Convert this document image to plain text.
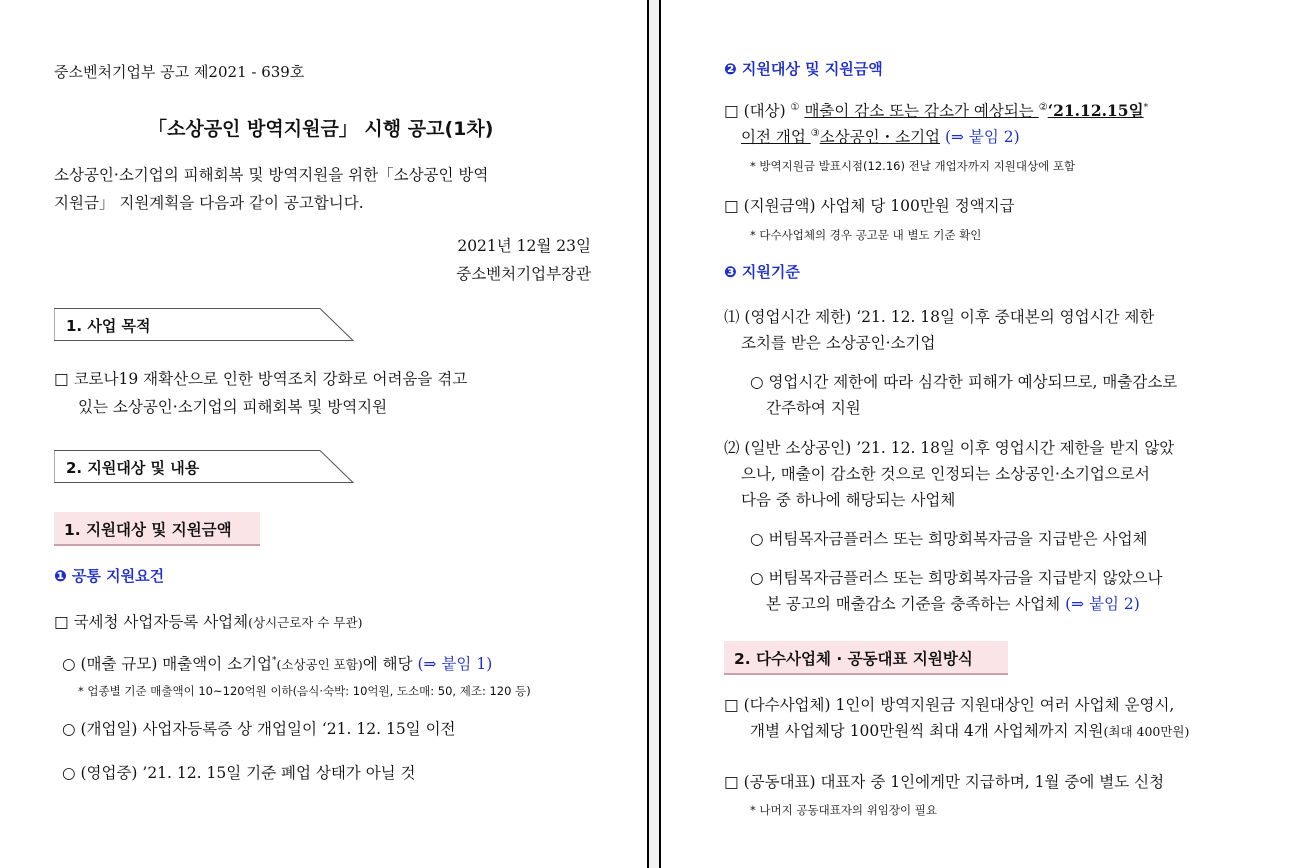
중소벤처기업부 공고 제2021 - 639호
「소상공인 방역지원금」 시행 공고(1차)
소상공인·소기업의 피해회복 및 방역지원을 위한「소상공인 방역
지원금」 지원계획을 다음과 같이 공고합니다.
2021년 12월 23일
중소벤처기업부장관
1. 사업 목적
□ 코로나19 재확산으로 인한 방역조치 강화로 어려움을 겪고
있는 소상공인·소기업의 피해회복 및 방역지원
2. 지원대상 및 내용
1. 지원대상 및 지원금액
❶ 공통 지원요건
□ 국세청 사업자등록 사업체(상시근로자 수 무관)
○ (매출 규모) 매출액이 소기업*(소상공인 포함)에 해당 (⇒ 붙임 1)
* 업종별 기준 매출액이 10~120억원 이하(음식·숙박: 10억원, 도소매: 50, 제조: 120 등)
○ (개업일) 사업자등록증 상 개업일이 ‘21. 12. 15일 이전
○ (영업중) ’21. 12. 15일 기준 폐업 상태가 아닐 것
❷ 지원대상 및 지원금액
□ (대상) ① 매출이 감소 또는 감소가 예상되는 ②‘21.12.15일*
이전 개업 ③소상공인・소기업 (⇒ 붙임 2)
* 방역지원금 발표시점(12.16) 전날 개업자까지 지원대상에 포함
□ (지원금액) 사업체 당 100만원 정액지급
* 다수사업체의 경우 공고문 내 별도 기준 확인
❸ 지원기준
⑴ (영업시간 제한) ‘21. 12. 18일 이후 중대본의 영업시간 제한
조치를 받은 소상공인·소기업
○ 영업시간 제한에 따라 심각한 피해가 예상되므로, 매출감소로
간주하여 지원
⑵ (일반 소상공인) ’21. 12. 18일 이후 영업시간 제한을 받지 않았
으나, 매출이 감소한 것으로 인정되는 소상공인·소기업으로서
다음 중 하나에 해당되는 사업체
○ 버팀목자금플러스 또는 희망회복자금을 지급받은 사업체
○ 버팀목자금플러스 또는 희망회복자금을 지급받지 않았으나
본 공고의 매출감소 기준을 충족하는 사업체 (⇒ 붙임 2)
2. 다수사업체 · 공동대표 지원방식
□ (다수사업체) 1인이 방역지원금 지원대상인 여러 사업체 운영시,
개별 사업체당 100만원씩 최대 4개 사업체까지 지원(최대 400만원)
□ (공동대표) 대표자 중 1인에게만 지급하며, 1월 중에 별도 신청
* 나머지 공동대표자의 위임장이 필요
